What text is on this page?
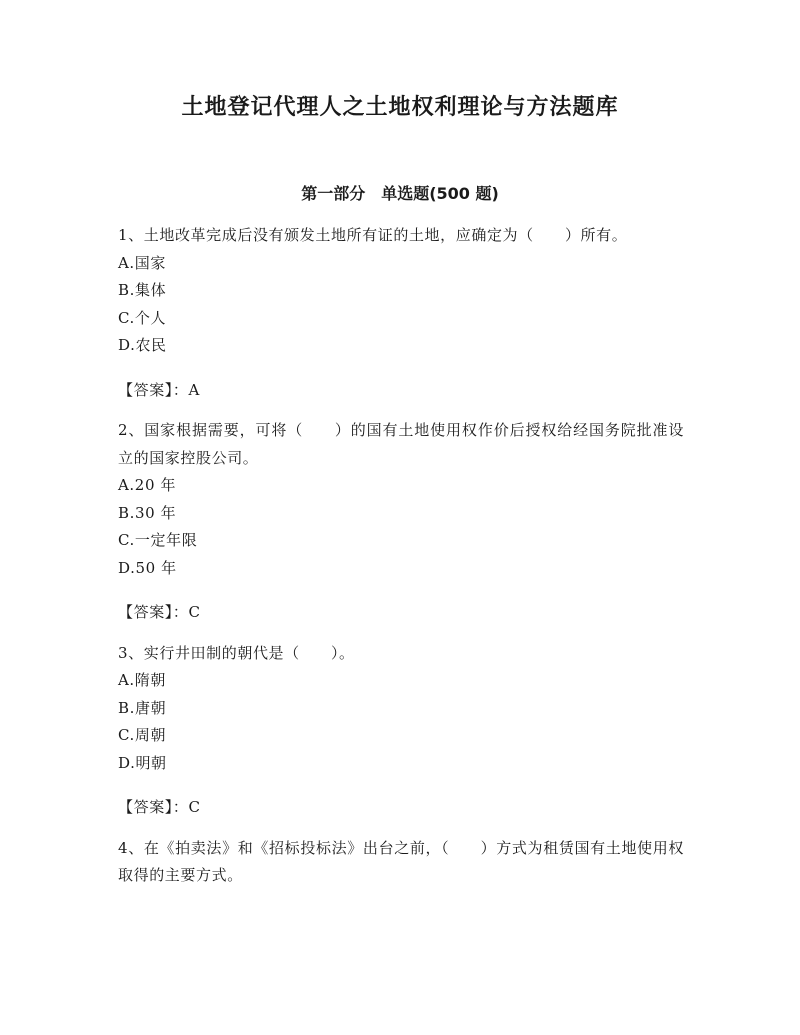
土地登记代理人之土地权利理论与方法题库
第一部分　单选题(500 题)

1、土地改革完成后没有颁发土地所有证的土地，应确定为（　　）所有。

A.国家

B.集体

C.个人

D.农民

【答案】：A

2、国家根据需要，可将（　　）的国有土地使用权作价后授权给经国务院批准设立的国家控股公司。

A.20 年

B.30 年

C.一定年限

D.50 年

【答案】：C

3、实行井田制的朝代是（　　）。

A.隋朝

B.唐朝

C.周朝

D.明朝

【答案】：C

4、在《拍卖法》和《招标投标法》出台之前，（　　）方式为租赁国有土地使用权取得的主要方式。
